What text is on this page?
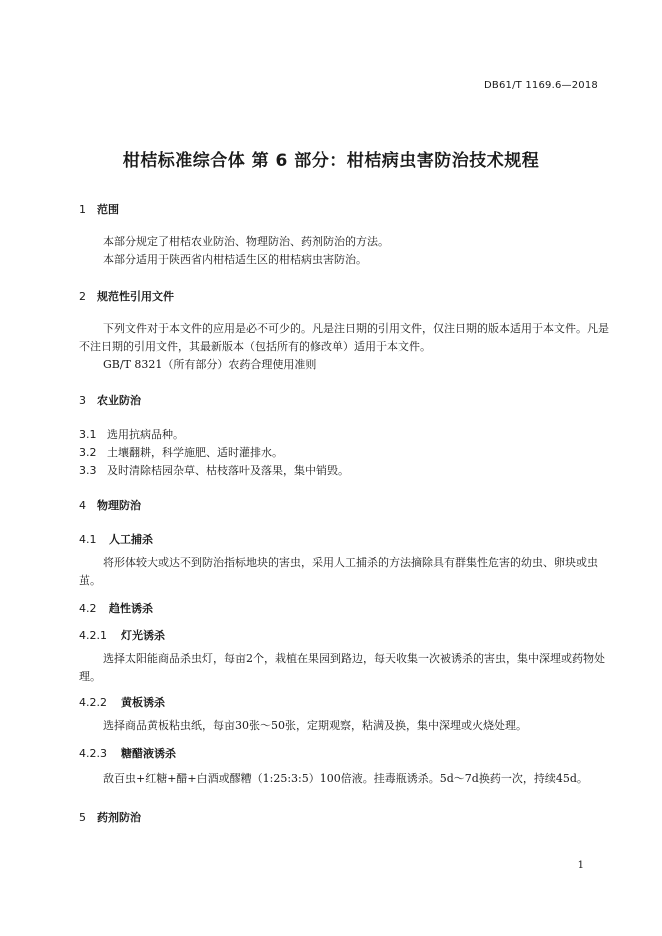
DB61/T 1169.6—2018
柑桔标准综合体 第 6 部分：柑桔病虫害防治技术规程
1 范围

本部分规定了柑桔农业防治、物理防治、药剂防治的方法。

本部分适用于陕西省内柑桔适生区的柑桔病虫害防治。

2 规范性引用文件

下列文件对于本文件的应用是必不可少的。凡是注日期的引用文件，仅注日期的版本适用于本文件。凡是不注日期的引用文件，其最新版本（包括所有的修改单）适用于本文件。

GB/T 8321（所有部分）农药合理使用准则

3 农业防治
3.1 选用抗病品种。
3.2 土壤翻耕，科学施肥、适时灌排水。
3.3 及时清除桔园杂草、枯枝落叶及落果，集中销毁。
4 物理防治
4.1 人工捕杀

将形体较大或达不到防治指标地块的害虫，采用人工捕杀的方法摘除具有群集性危害的幼虫、卵块或虫茧。

4.2 趋性诱杀
4.2.1 灯光诱杀

选择太阳能商品杀虫灯，每亩2个，栽植在果园到路边，每天收集一次被诱杀的害虫，集中深埋或药物处理。

4.2.2 黄板诱杀

选择商品黄板粘虫纸，每亩30张～50张，定期观察，粘满及换，集中深埋或火烧处理。

4.2.3 糖醋液诱杀

敌百虫+红糖+醋+白酒或醪糟（1:25:3:5）100倍液。挂毒瓶诱杀。5d～7d换药一次，持续45d。

5 药剂防治
1
